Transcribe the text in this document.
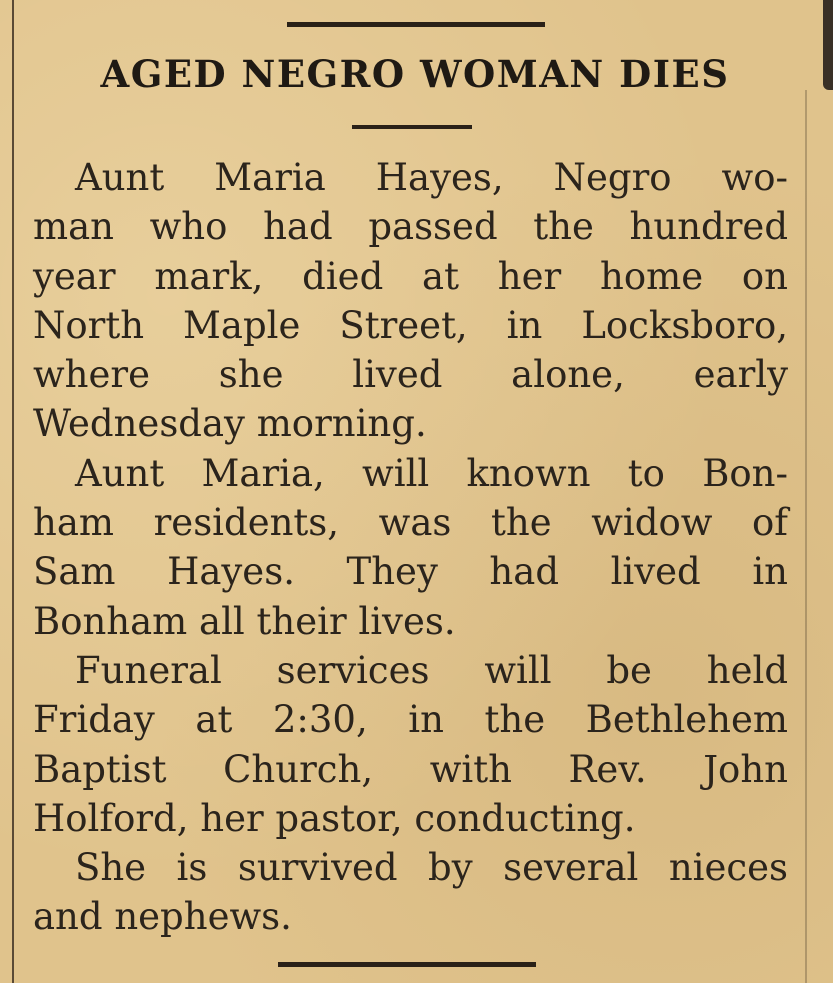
AGED NEGRO WOMAN DIES
Aunt Maria Hayes, Negro wo-
man who had passed the hundred
year mark, died at her home on
North Maple Street, in Locksboro,
where she lived alone, early
Wednesday morning.
Aunt Maria, will known to Bon-
ham residents, was the widow of
Sam Hayes. They had lived in
Bonham all their lives.
Funeral services will be held
Friday at 2:30, in the Bethlehem
Baptist Church, with Rev. John
Holford, her pastor, conducting.
She is survived by several nieces
and nephews.
